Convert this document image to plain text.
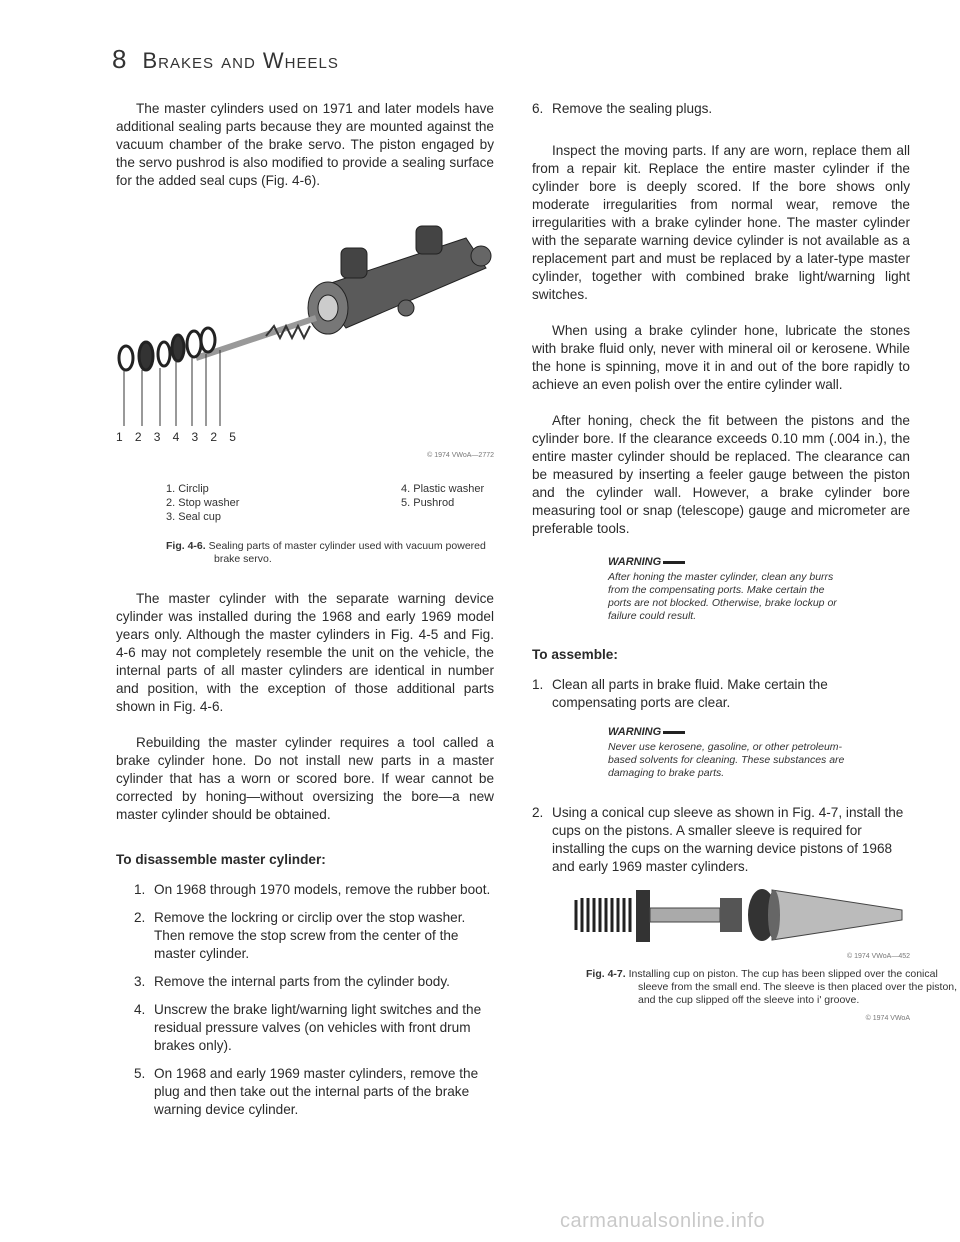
8 Brakes and Wheels

The master cylinders used on 1971 and later models have additional sealing parts because they are mounted against the vacuum chamber of the brake servo. The piston engaged by the servo pushrod is also modified to provide a sealing surface for the added seal cups (Fig. 4-6).

1 2 3 4 3 2 5
© 1974 VWoA—2772
1. Circlip	4. Plastic washer
2. Stop washer	5. Pushrod
3. Seal cup
Fig. 4-6. Sealing parts of master cylinder used with vacuum powered brake servo.

The master cylinder with the separate warning device cylinder was installed during the 1968 and early 1969 model years only. Although the master cylinders in Fig. 4-5 and Fig. 4-6 may not completely resemble the unit on the vehicle, the internal parts of all master cylinders are identical in number and position, with the exception of those additional parts shown in Fig. 4-6.

Rebuilding the master cylinder requires a tool called a brake cylinder hone. Do not install new parts in a master cylinder that has a worn or scored bore. If wear cannot be corrected by honing—without oversizing the bore—a new master cylinder should be obtained.

To disassemble master cylinder:
1. On 1968 through 1970 models, remove the rubber boot.
2. Remove the lockring or circlip over the stop washer. Then remove the stop screw from the center of the master cylinder.
3. Remove the internal parts from the cylinder body.
4. Unscrew the brake light/warning light switches and the residual pressure valves (on vehicles with front drum brakes only).
5. On 1968 and early 1969 master cylinders, remove the plug and then take out the internal parts of the brake warning device cylinder.
6. Remove the sealing plugs.

Inspect the moving parts. If any are worn, replace them all from a repair kit. Replace the entire master cylinder if the cylinder bore is deeply scored. If the bore shows only moderate irregularities from normal wear, remove the irregularities with a brake cylinder hone. The master cylinder with the separate warning device cylinder is not available as a replacement part and must be replaced by a later-type master cylinder, together with combined brake light/warning light switches.

When using a brake cylinder hone, lubricate the stones with brake fluid only, never with mineral oil or kerosene. While the hone is spinning, move it in and out of the bore rapidly to achieve an even polish over the entire cylinder wall.

After honing, check the fit between the pistons and the cylinder bore. If the clearance exceeds 0.10 mm (.004 in.), the entire master cylinder should be replaced. The clearance can be measured by inserting a feeler gauge between the piston and the cylinder wall. However, a brake cylinder bore measuring tool or snap (telescope) gauge and micrometer are preferable tools.

WARNING
After honing the master cylinder, clean any burrs from the compensating ports. Make certain the ports are not blocked. Otherwise, brake lockup or failure could result.
To assemble:
1. Clean all parts in brake fluid. Make certain the compensating ports are clear.
WARNING
Never use kerosene, gasoline, or other petroleum-based solvents for cleaning. These substances are damaging to brake parts.
2. Using a conical cup sleeve as shown in Fig. 4-7, install the cups on the pistons. A smaller sleeve is required for installing the cups on the warning device pistons of 1968 and early 1969 master cylinders.
© 1974 VWoA—452
Fig. 4-7. Installing cup on piston. The cup has been slipped over the conical sleeve from the small end. The sleeve is then placed over the piston, and the cup slipped off the sleeve into i' groove.
© 1974 VWoA
carmanualsonline.info
